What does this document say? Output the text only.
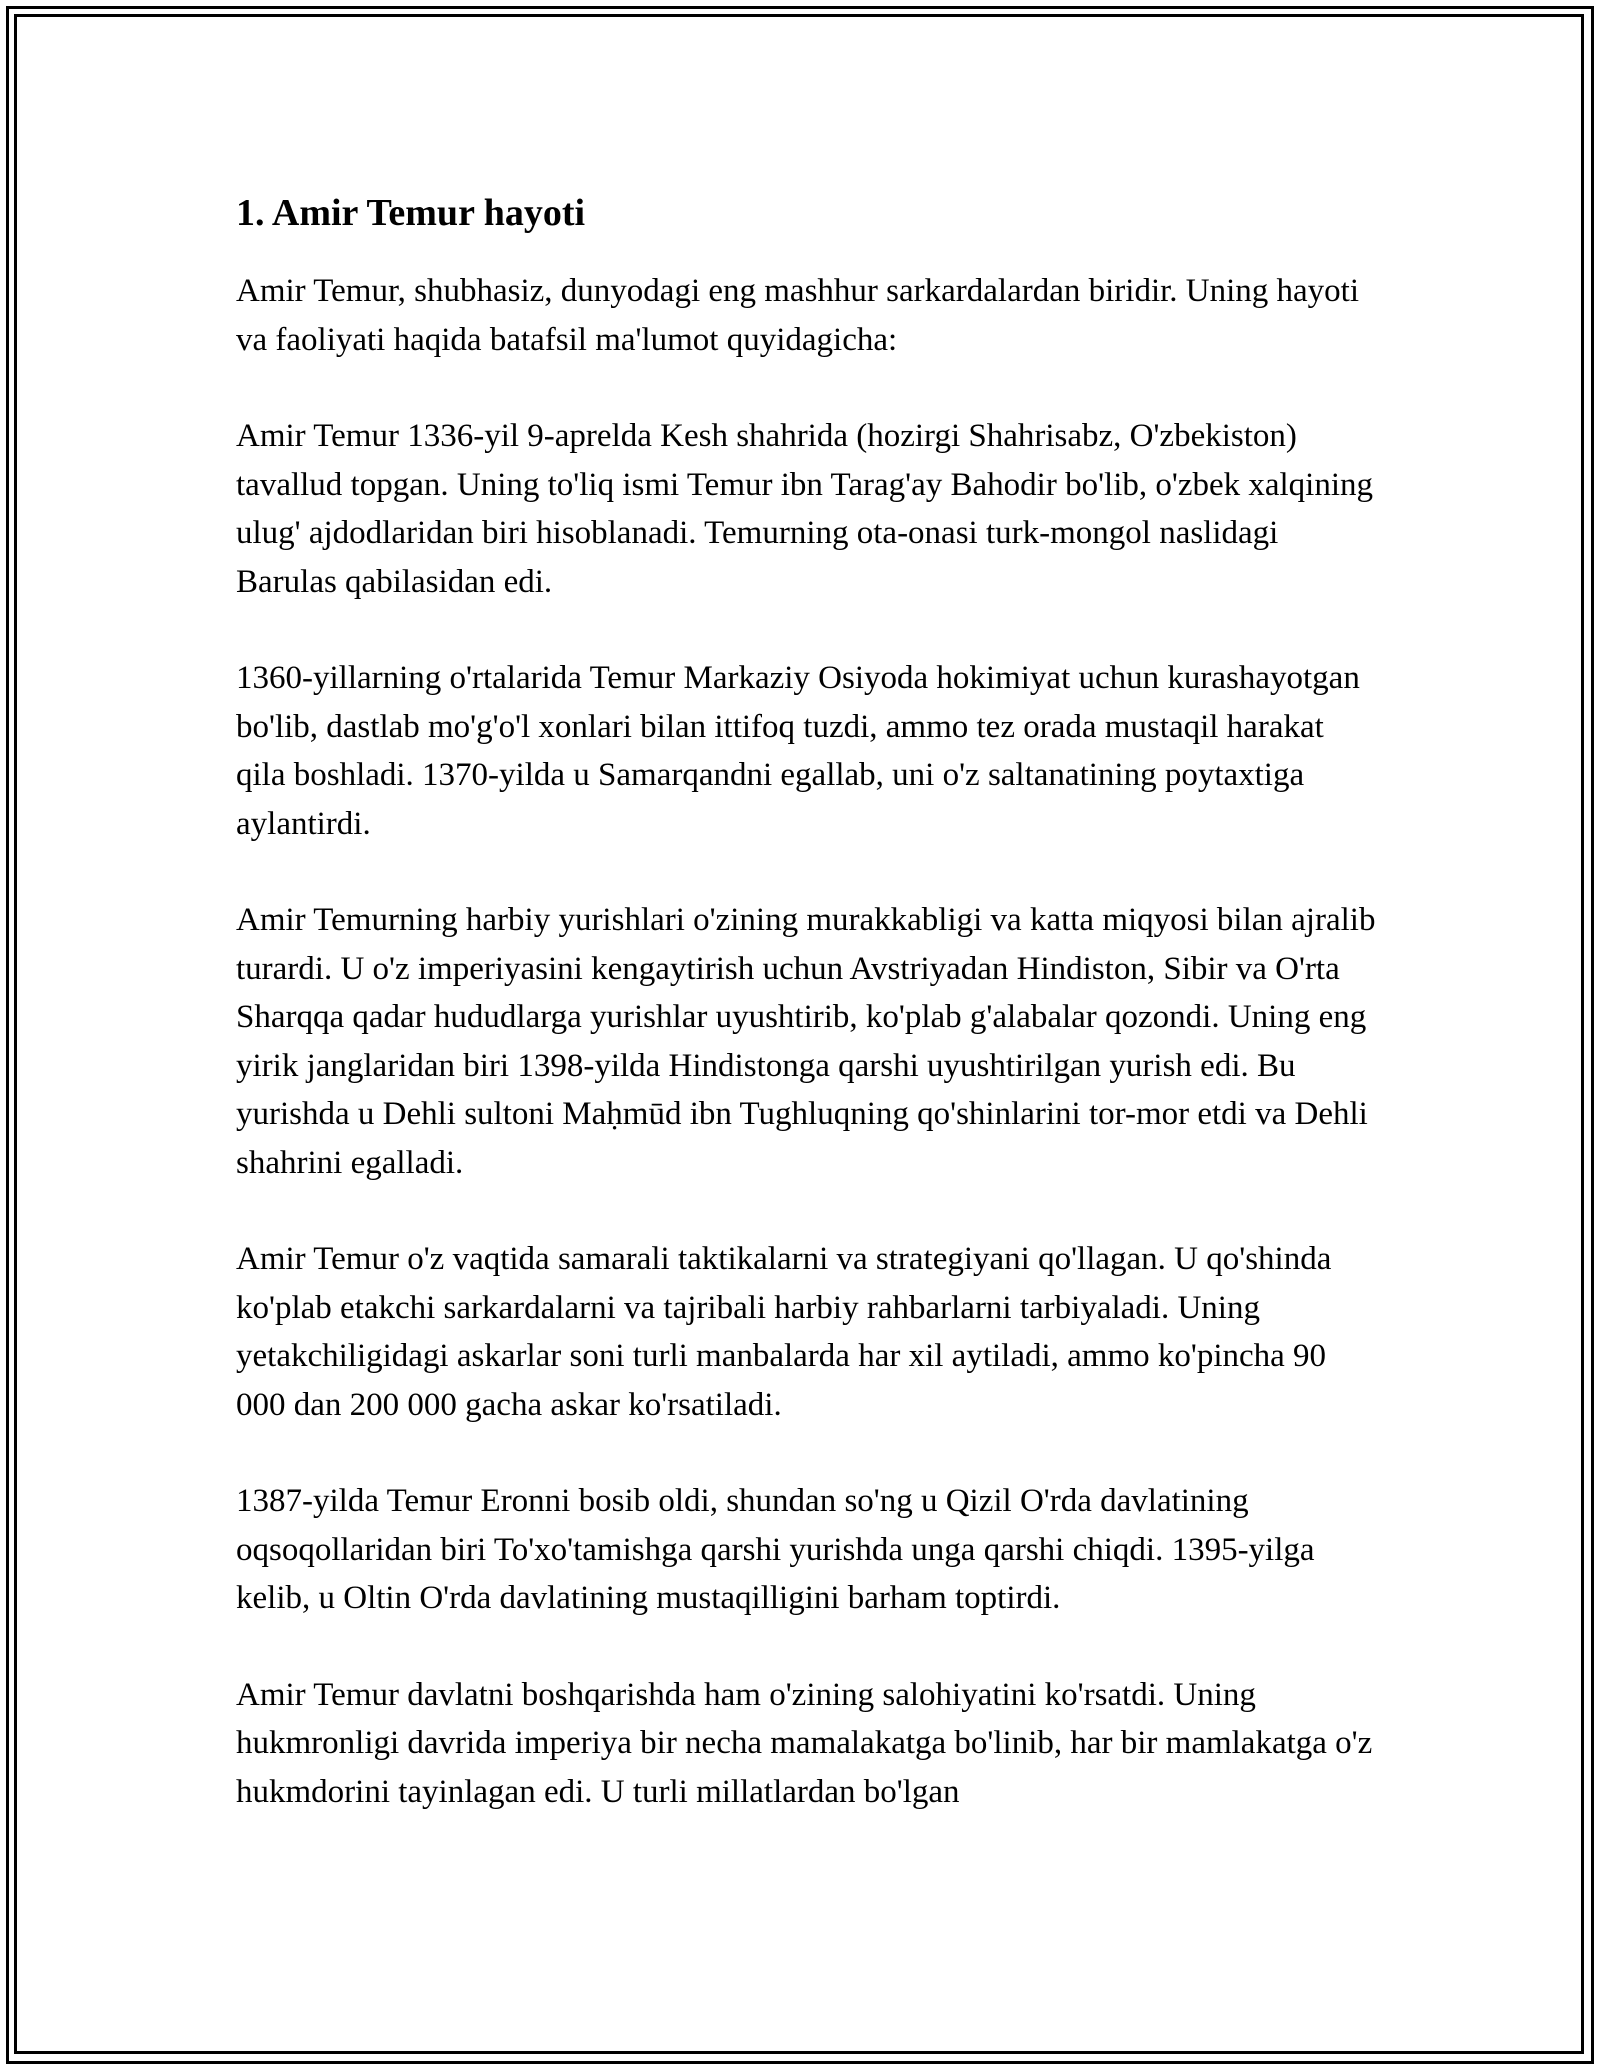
1. Amir Temur hayoti

Amir Temur, shubhasiz, dunyodagi eng mashhur sarkardalardan biridir. Uning hayoti va faoliyati haqida batafsil ma'lumot quyidagicha:

Amir Temur 1336-yil 9-aprelda Kesh shahrida (hozirgi Shahrisabz, O'zbekiston) tavallud topgan. Uning to'liq ismi Temur ibn Tarag'ay Bahodir bo'lib, o'zbek xalqining ulug' ajdodlaridan biri hisoblanadi. Temurning ota-onasi turk-mongol naslidagi Barulas qabilasidan edi.

1360-yillarning o'rtalarida Temur Markaziy Osiyoda hokimiyat uchun kurashayotgan bo'lib, dastlab mo'g'o'l xonlari bilan ittifoq tuzdi, ammo tez orada mustaqil harakat qila boshladi. 1370-yilda u Samarqandni egallab, uni o'z saltanatining poytaxtiga aylantirdi.

Amir Temurning harbiy yurishlari o'zining murakkabligi va katta miqyosi bilan ajralib turardi. U o'z imperiyasini kengaytirish uchun Avstriyadan Hindiston, Sibir va O'rta Sharqqa qadar hududlarga yurishlar uyushtirib, ko'plab g'alabalar qozondi. Uning eng yirik janglaridan biri 1398-yilda Hindistonga qarshi uyushtirilgan yurish edi. Bu yurishda u Dehli sultoni Maḥmūd ibn Tughluqning qo'shinlarini tor-mor etdi va Dehli shahrini egalladi.

Amir Temur o'z vaqtida samarali taktikalarni va strategiyani qo'llagan. U qo'shinda ko'plab etakchi sarkardalarni va tajribali harbiy rahbarlarni tarbiyaladi. Uning yetakchiligidagi askarlar soni turli manbalarda har xil aytiladi, ammo ko'pincha 90 000 dan 200 000 gacha askar ko'rsatiladi.

1387-yilda Temur Eronni bosib oldi, shundan so'ng u Qizil O'rda davlatining oqsoqollaridan biri To'xo'tamishga qarshi yurishda unga qarshi chiqdi. 1395-yilga kelib, u Oltin O'rda davlatining mustaqilligini barham toptirdi.

Amir Temur davlatni boshqarishda ham o'zining salohiyatini ko'rsatdi. Uning hukmronligi davrida imperiya bir necha mamalakatga bo'linib, har bir mamlakatga o'z hukmdorini tayinlagan edi. U turli millatlardan bo'lgan
